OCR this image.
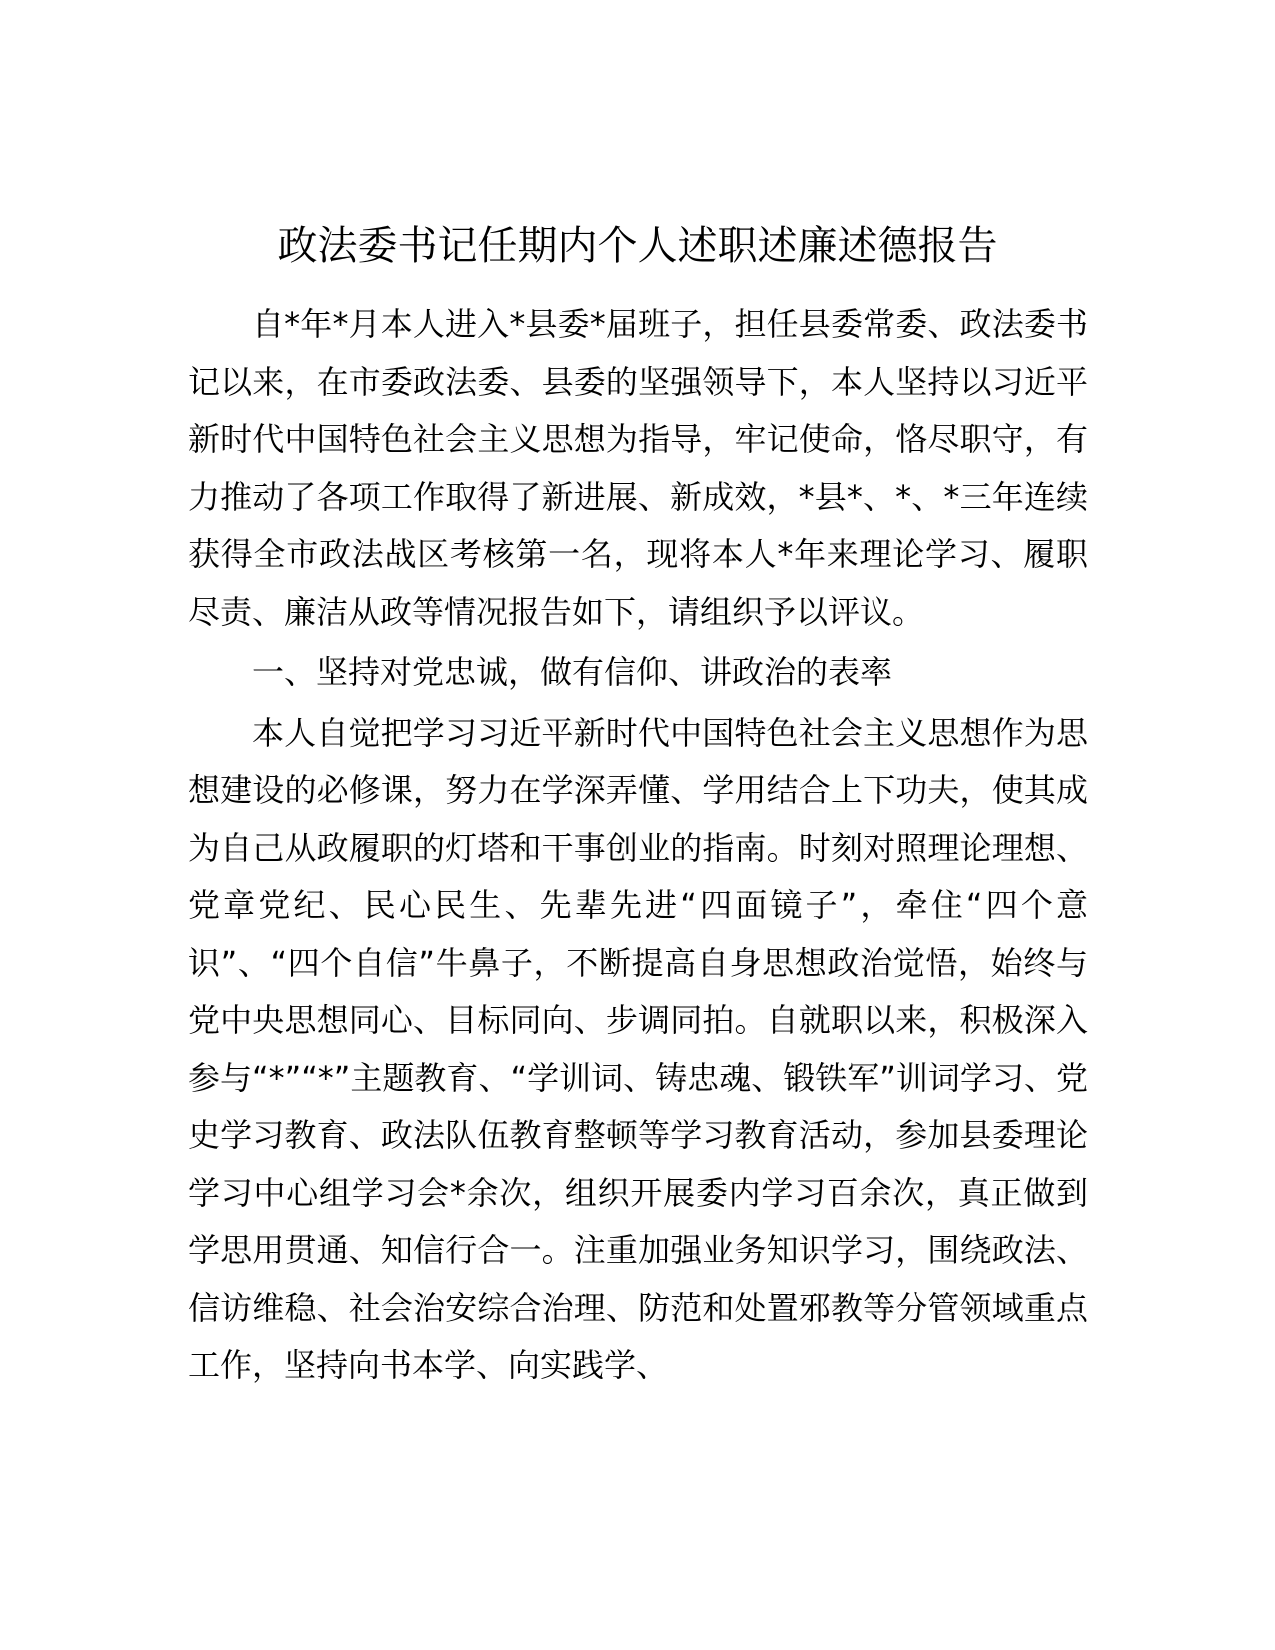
政法委书记任期内个人述职述廉述德报告

自*年*月本人进入*县委*届班子，担任县委常委、政法委书记以来，在市委政法委、县委的坚强领导下，本人坚持以习近平新时代中国特色社会主义思想为指导，牢记使命，恪尽职守，有力推动了各项工作取得了新进展、新成效，*县*、*、*三年连续获得全市政法战区考核第一名，现将本人*年来理论学习、履职尽责、廉洁从政等情况报告如下，请组织予以评议。

一、坚持对党忠诚，做有信仰、讲政治的表率

本人自觉把学习习近平新时代中国特色社会主义思想作为思想建设的必修课，努力在学深弄懂、学用结合上下功夫，使其成为自己从政履职的灯塔和干事创业的指南。时刻对照理论理想、党章党纪、民心民生、先辈先进“四面镜子”，牵住“四个意识”、“四个自信”牛鼻子，不断提高自身思想政治觉悟，始终与党中央思想同心、目标同向、步调同拍。自就职以来，积极深入参与“*”“*”主题教育、“学训词、铸忠魂、锻铁军”训词学习、党史学习教育、政法队伍教育整顿等学习教育活动，参加县委理论学习中心组学习会*余次，组织开展委内学习百余次，真正做到学思用贯通、知信行合一。注重加强业务知识学习，围绕政法、信访维稳、社会治安综合治理、防范和处置邪教等分管领域重点工作，坚持向书本学、向实践学、
